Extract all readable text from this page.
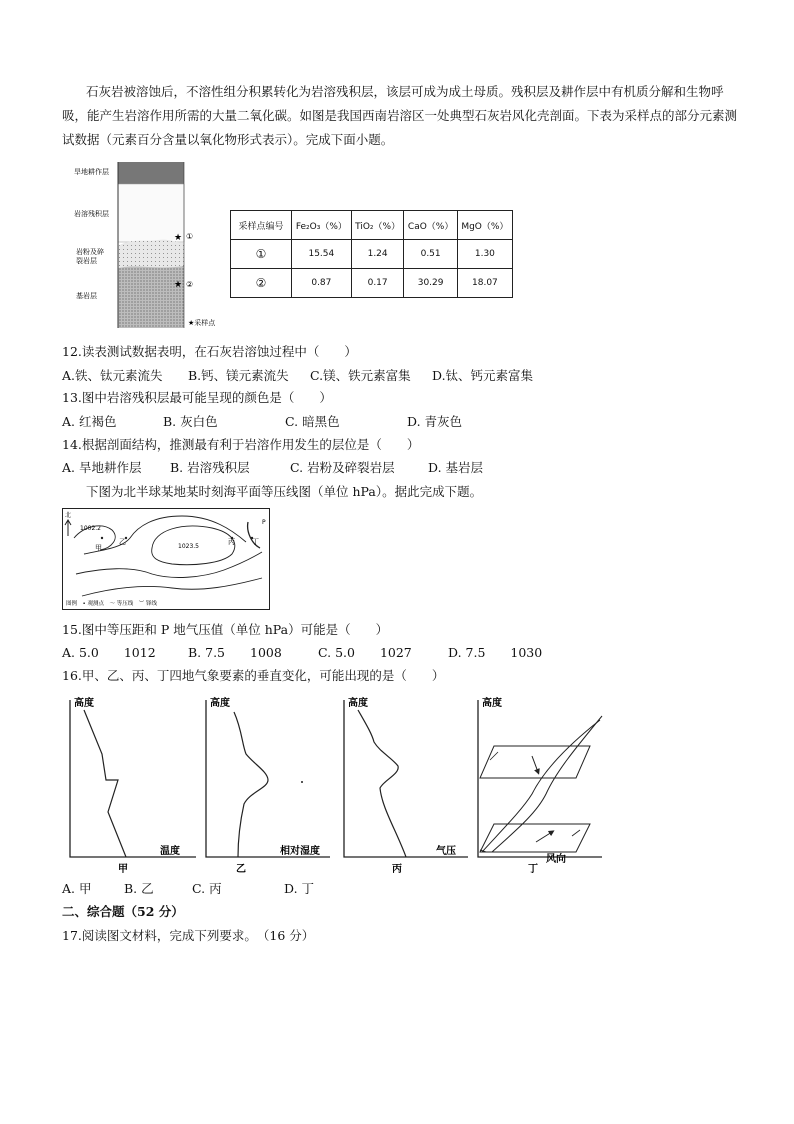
石灰岩被溶蚀后，不溶性组分积累转化为岩溶残积层，该层可成为成土母质。残积层及耕作层中有机质分解和生物呼吸，能产生岩溶作用所需的大量二氧化碳。如图是我国西南岩溶区一处典型石灰岩风化壳剖面。下表为采样点的部分元素测试数据（元素百分含量以氧化物形式表示）。完成下面小题。

旱地耕作层
岩溶残积层
岩粉及碎
裂岩层
基岩层
★ ①
★ ②
★采样点
采样点编号	Fe₂O₃（%）	TiO₂（%）	CaO（%）	MgO（%）
①	15.54	1.24	0.51	1.30
②	0.87	0.17	30.29	18.07
12.读表测试数据表明，在石灰岩溶蚀过程中（　　）
A.铁、钛元素流失 B.钙、镁元素流失 C.镁、铁元素富集 D.钛、钙元素富集
13.图中岩溶残积层最可能呈现的颜色是（　　）
A. 红褐色	B. 灰白色	C. 暗黑色	D. 青灰色
14.根据剖面结构，推测最有利于岩溶作用发生的层位是（　　）
A. 旱地耕作层 B. 岩溶残积层	C. 岩粉及碎裂岩层	D. 基岩层
下图为北半球某地某时刻海平面等压线图（单位 hPa）。据此完成下题。
北
1002.2
1023.5
甲
乙	丙 丁
P
图例　• 观测点　〜 等压线　︶ 锋线
15.图中等压距和 P 地气压值（单位 hPa）可能是（　　）
A. 5.0　　1012	B. 7.5　　1008	C. 5.0　　1027	D. 7.5　　1030
16.甲、乙、丙、丁四地气象要素的垂直变化，可能出现的是（　　）
高度
温度
甲
高度
相对湿度
乙
高度
气压
丙
高度
风向
丁
A. 甲	B. 乙	C. 丙	D. 丁
二、综合题（52 分）
17.阅读图文材料，完成下列要求。　（16 分）
